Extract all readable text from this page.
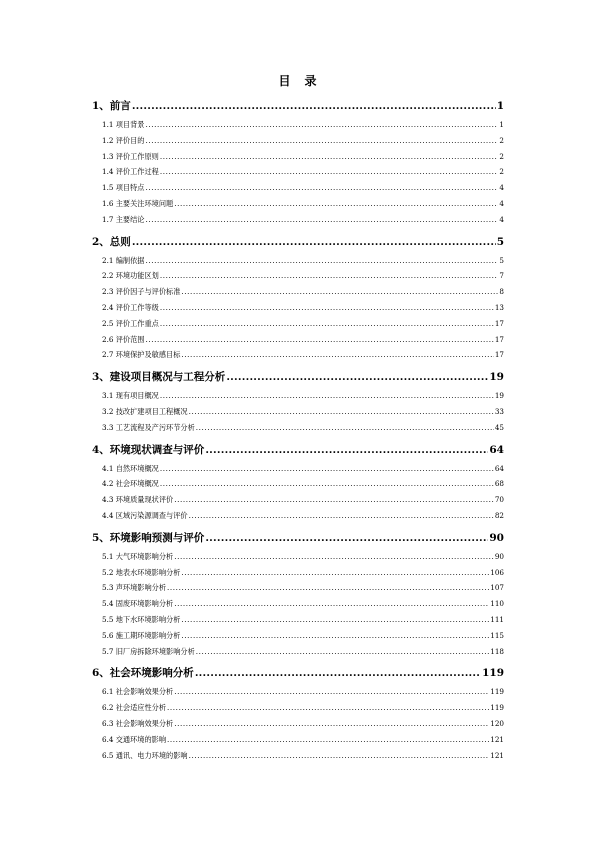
目 录
1、前言 .....	1
1.1 项目背景 .....	1
1.2 评价目的 .....	2
1.3 评价工作原则 .....	2
1.4 评价工作过程 .....	2
1.5 项目特点 .....	4
1.6 主要关注环境问题 .....	4
1.7 主要结论 .....	4
2、总则 .....	5
2.1 编制依据 .....	5
2.2 环境功能区划 .....	7
2.3 评价因子与评价标准 .....	8
2.4 评价工作等级 .....	13
2.5 评价工作重点 .....	17
2.6 评价范围 .....	17
2.7 环境保护及敏感目标 .....	17
3、建设项目概况与工程分析 .....	19
3.1 现有项目概况 .....	19
3.2 技改扩建项目工程概况 .....	33
3.3 工艺流程及产污环节分析 .....	45
4、环境现状调查与评价 .....	64
4.1 自然环境概况 .....	64
4.2 社会环境概况 .....	68
4.3 环境质量现状评价 .....	70
4.4 区域污染源调查与评价 .....	82
5、环境影响预测与评价 .....	90
5.1 大气环境影响分析 .....	90
5.2 地表水环境影响分析 .....	106
5.3 声环境影响分析 .....	107
5.4 固废环境影响分析 .....	110
5.5 地下水环境影响分析 .....	111
5.6 施工期环境影响分析 .....	115
5.7 旧厂房拆除环境影响分析 .....	118
6、社会环境影响分析 .....	119
6.1 社会影响效果分析 .....	119
6.2 社会适应性分析 .....	119
6.3 社会影响效果分析 .....	120
6.4 交通环境的影响 .....	121
6.5 通讯、电力环境的影响 .....	121
